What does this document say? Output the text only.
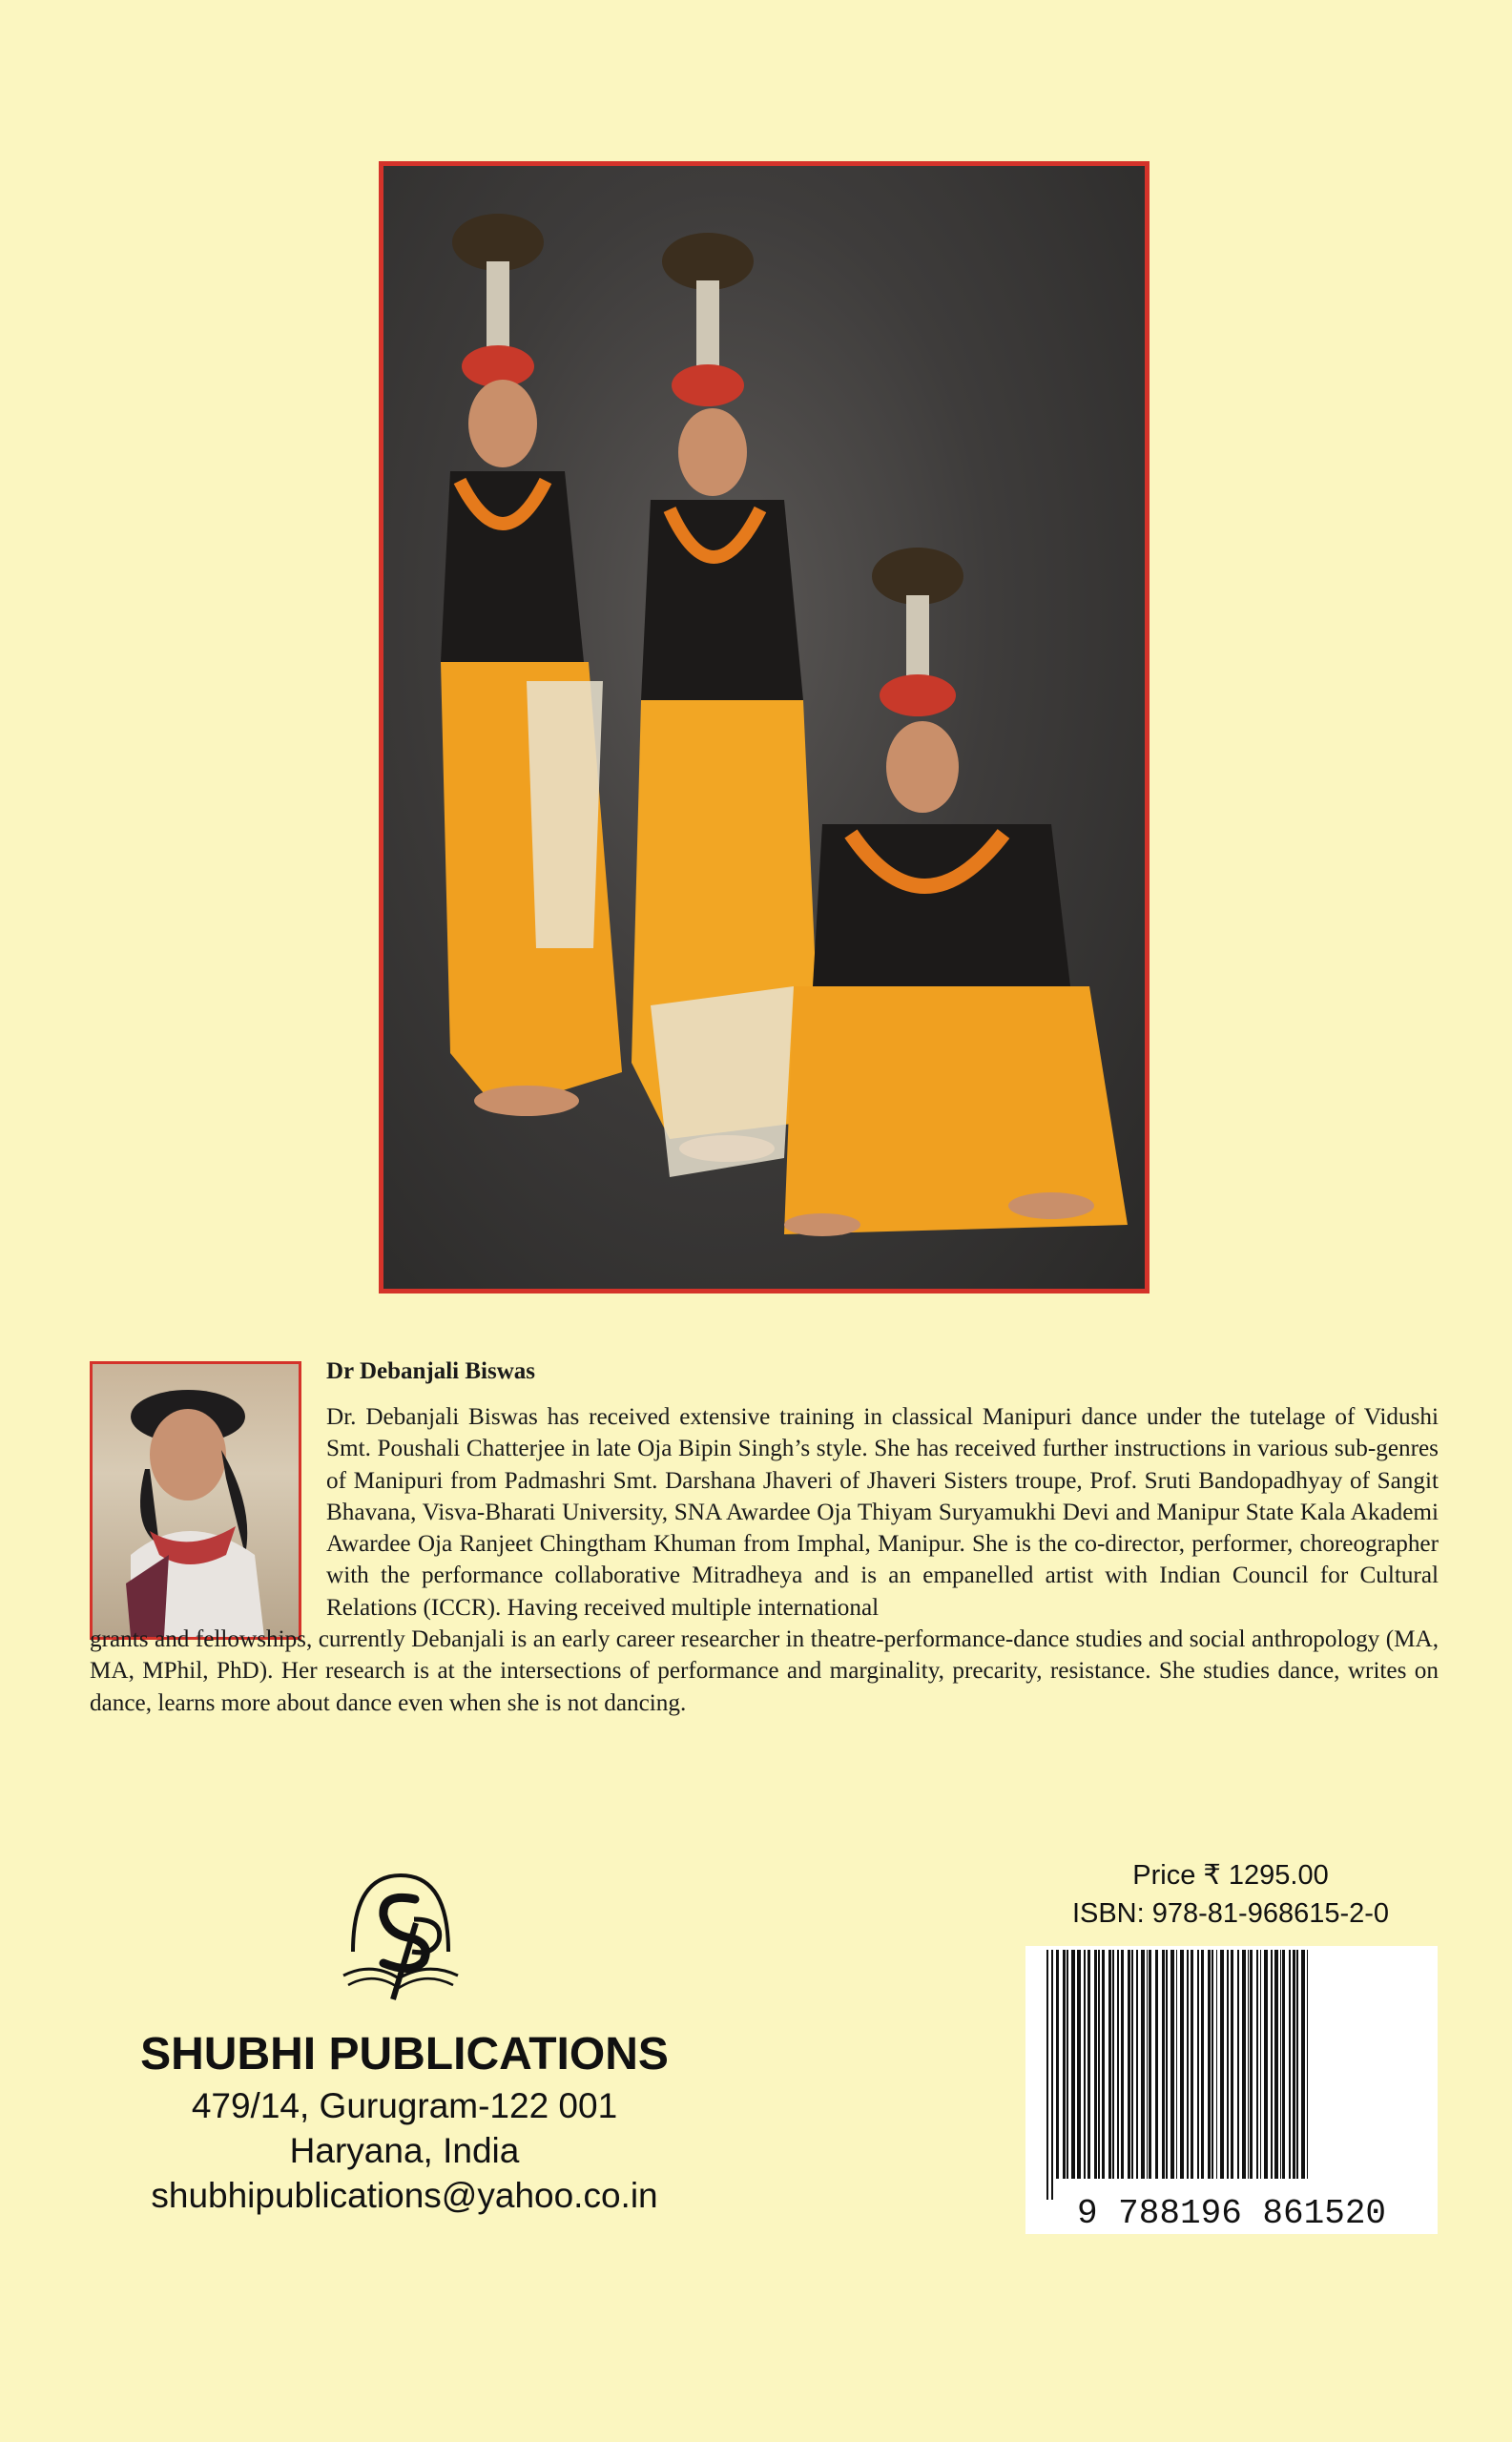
Dr Debanjali Biswas

Dr. Debanjali Biswas has received extensive training in classical Manipuri dance under the tutelage of Vidushi Smt. Poushali Chatterjee in late Oja Bipin Singh’s style. She has received further instructions in various sub-genres of Manipuri from Padmashri Smt. Darshana Jhaveri of Jhaveri Sisters troupe, Prof. Sruti Bandopadhyay of Sangit Bhavana, Visva-Bharati University, SNA Awardee Oja Thiyam Suryamukhi Devi and Manipur State Kala Akademi Awardee Oja Ranjeet Chingtham Khuman from Imphal, Manipur. She is the co-director, performer, choreographer with the performance collaborative Mitradheya and is an empanelled artist with Indian Council for Cultural Relations (ICCR). Having received multiple international

grants and fellowships, currently Debanjali is an early career researcher in theatre-performance-dance studies and social anthropology (MA, MA, MPhil, PhD). Her research is at the intersections of performance and marginality, precarity, resistance. She studies dance, writes on dance, learns more about dance even when she is not dancing.

SHUBHI PUBLICATIONS
479/14, Gurugram-122 001
Haryana, India
shubhipublications@yahoo.co.in
Price ₹ 1295.00
ISBN: 978-81-968615-2-0
9 788196 861520
